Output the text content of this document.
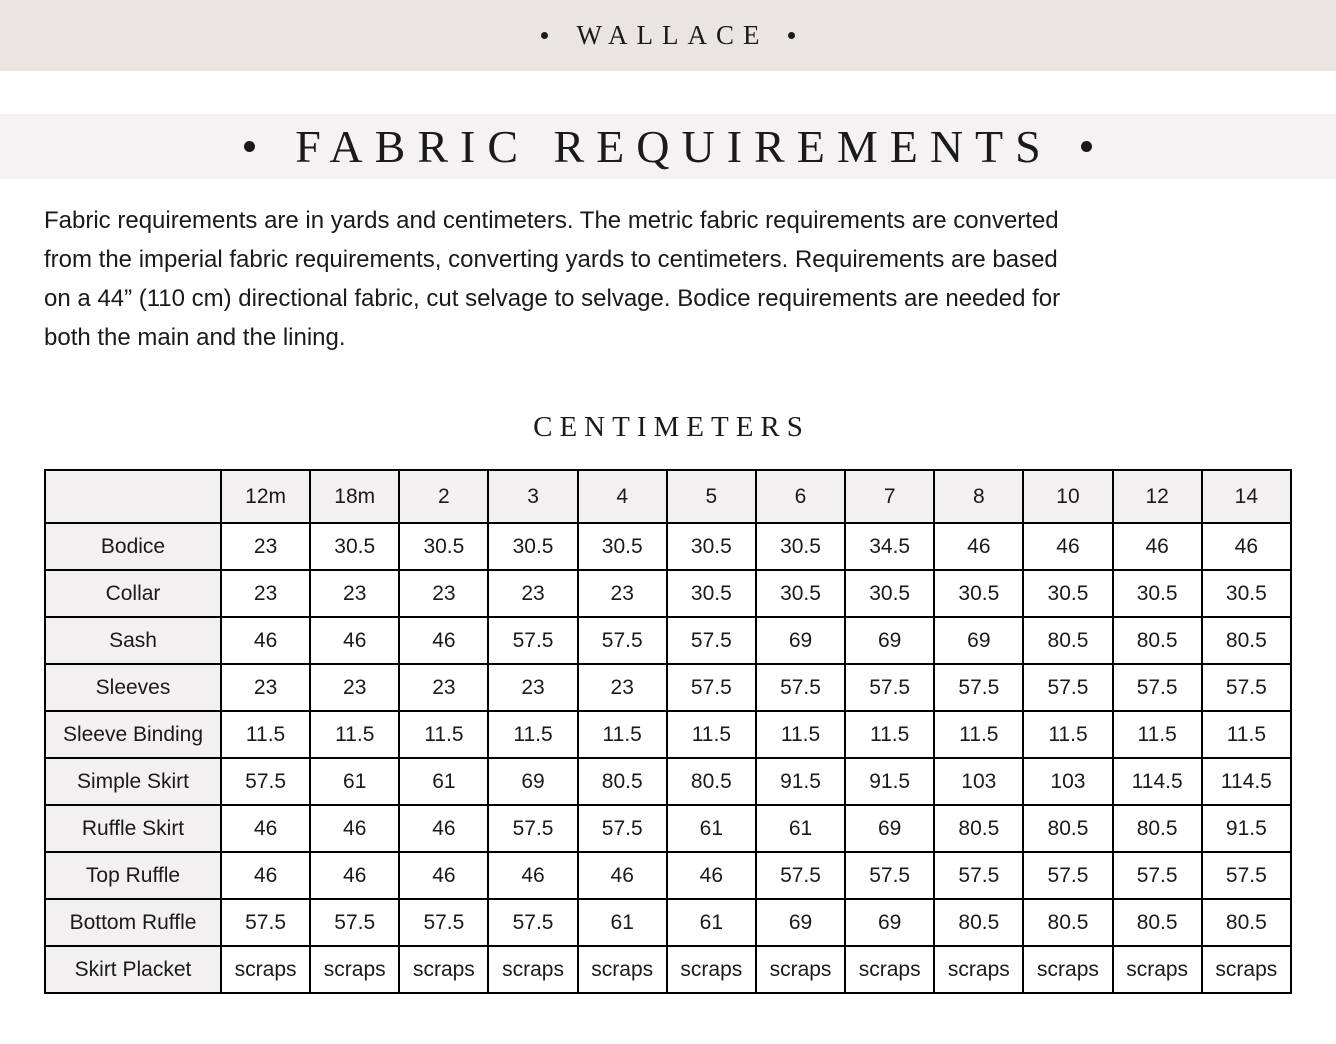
WALLACE
FABRIC REQUIREMENTS

Fabric requirements are in yards and centimeters. The metric fabric requirements are converted
from the imperial fabric requirements, converting yards to centimeters. Requirements are based
on a 44” (110 cm) directional fabric, cut selvage to selvage. Bodice requirements are needed for
both the main and the lining.

CENTIMETERS
	12m	18m	2	3	4	5	6	7	8	10	12	14
Bodice	23	30.5	30.5	30.5	30.5	30.5	30.5	34.5	46	46	46	46
Collar	23	23	23	23	23	30.5	30.5	30.5	30.5	30.5	30.5	30.5
Sash	46	46	46	57.5	57.5	57.5	69	69	69	80.5	80.5	80.5
Sleeves	23	23	23	23	23	57.5	57.5	57.5	57.5	57.5	57.5	57.5
Sleeve Binding	11.5	11.5	11.5	11.5	11.5	11.5	11.5	11.5	11.5	11.5	11.5	11.5
Simple Skirt	57.5	61	61	69	80.5	80.5	91.5	91.5	103	103	114.5	114.5
Ruffle Skirt	46	46	46	57.5	57.5	61	61	69	80.5	80.5	80.5	91.5
Top Ruffle	46	46	46	46	46	46	57.5	57.5	57.5	57.5	57.5	57.5
Bottom Ruffle	57.5	57.5	57.5	57.5	61	61	69	69	80.5	80.5	80.5	80.5
Skirt Placket	scraps	scraps	scraps	scraps	scraps	scraps	scraps	scraps	scraps	scraps	scraps	scraps
